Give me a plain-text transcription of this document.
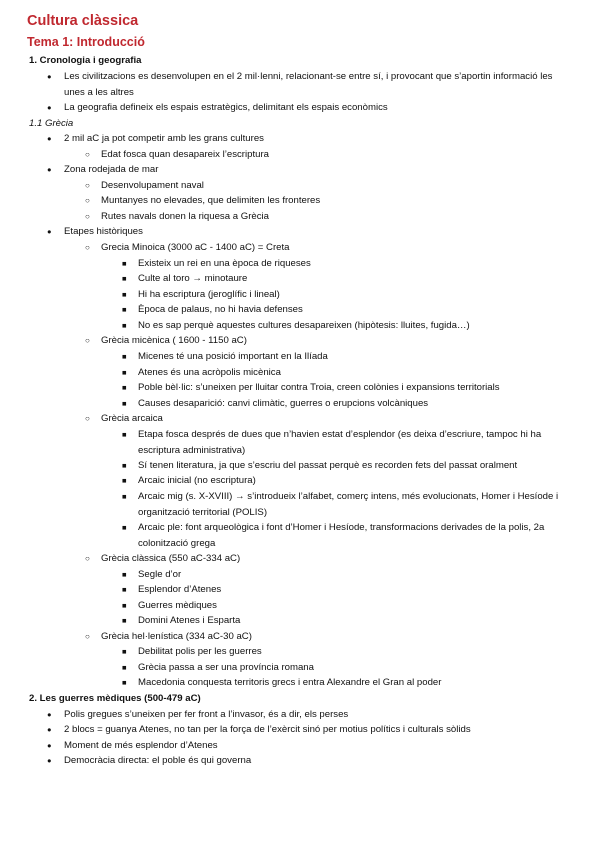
Cultura clàssica
Tema 1: Introducció
1. Cronologia i geografia
● Les civilitzacions es desenvolupen en el 2 mil·lenni, relacionant-se entre sí, i provocant que s’aportin informació les unes a les altres
● La geografia defineix els espais estratègics, delimitant els espais econòmics
1.1 Grècia
● 2 mil aC ja pot competir amb les grans cultures
○ Edat fosca quan desapareix l’escriptura
● Zona rodejada de mar
○ Desenvolupament naval
○ Muntanyes no elevades, que delimiten les fronteres
○ Rutes navals donen la riquesa a Grècia
● Etapes històriques
○ Grecia Minoica (3000 aC - 1400 aC) = Creta
■ Existeix un rei en una època de riqueses
■ Culte al toro → minotaure
■ Hi ha escriptura (jeroglífic i lineal)
■ Època de palaus, no hi havia defenses
■ No es sap perquè aquestes cultures desapareixen (hipòtesis: lluites, fugida…)
○ Grècia micènica ( 1600 - 1150 aC)
■ Micenes té una posició important en la Ilíada
■ Atenes és una acròpolis micènica
■ Poble bèl·lic: s’uneixen per lluitar contra Troia, creen colònies i expansions territorials
■ Causes desaparició: canvi climàtic, guerres o erupcions volcàniques
○ Grècia arcaica
■ Etapa fosca després de dues que n’havien estat d’esplendor (es deixa d’escriure, tampoc hi ha escriptura administrativa)
■ Sí tenen literatura, ja que s’escriu del passat perquè es recorden fets del passat oralment
■ Arcaic inicial (no escriptura)
■ Arcaic mig (s. X-XVIII) → s’introdueix l’alfabet, comerç intens, més evolucionats, Homer i Hesíode i organització territorial (POLIS)
■ Arcaic ple: font arqueològica i font d’Homer i Hesíode, transformacions derivades de la polis, 2a colonització grega
○ Grècia clàssica (550 aC-334 aC)
■ Segle d’or
■ Esplendor d’Atenes
■ Guerres mèdiques
■ Domini Atenes i Esparta
○ Grècia hel·lenística (334 aC-30 aC)
■ Debilitat polis per les guerres
■ Grècia passa a ser una província romana
■ Macedonia conquesta territoris grecs i entra Alexandre el Gran al poder
2. Les guerres mèdiques (500-479 aC)
● Polis gregues s’uneixen per fer front a l’invasor, és a dir, els perses
● 2 blocs = guanya Atenes, no tan per la força de l’exèrcit sinó per motius polítics i culturals sòlids
● Moment de més esplendor d’Atenes
● Democràcia directa: el poble és qui governa
